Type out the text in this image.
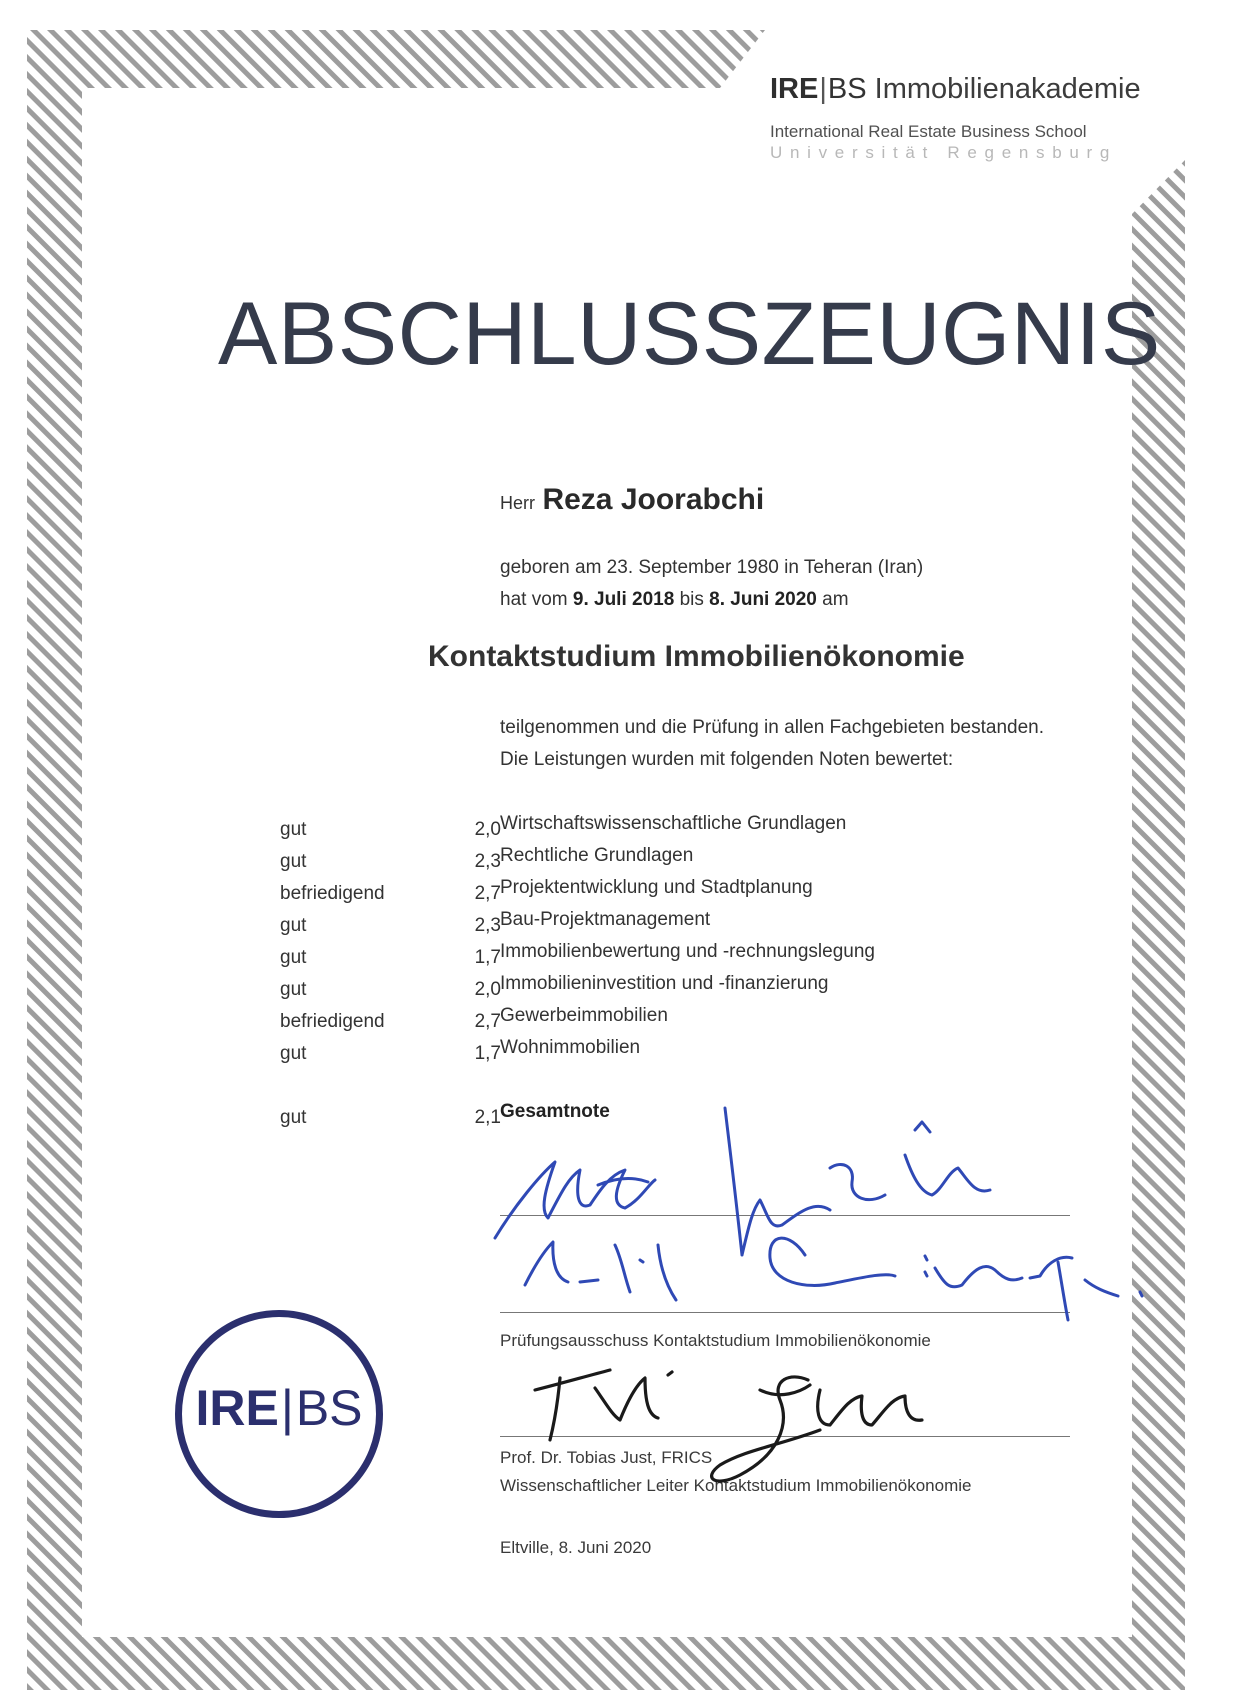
IRE|BS Immobilienakademie
International Real Estate Business School
Universität Regensburg
ABSCHLUSSZEUGNIS
Herr Reza Joorabchi
geboren am 23. September 1980 in Teheran (Iran)
hat vom 9. Juli 2018 bis 8. Juni 2020 am
Kontaktstudium Immobilienökonomie
teilgenommen und die Prüfung in allen Fachgebieten bestanden.
Die Leistungen wurden mit folgenden Noten bewertet:
gut	2,0 Wirtschaftswissenschaftliche Grundlagen
gut	2,3 Rechtliche Grundlagen
befriedigend	2,7 Projektentwicklung und Stadtplanung
gut	2,3 Bau-Projektmanagement
gut	1,7 Immobilienbewertung und -rechnungslegung
gut	2,0 Immobilieninvestition und -finanzierung
befriedigend	2,7 Gewerbeimmobilien
gut	1,7 Wohnimmobilien
gut	2,1 Gesamtnote
Prüfungsausschuss Kontaktstudium Immobilienökonomie
Prof. Dr. Tobias Just, FRICS
Wissenschaftlicher Leiter Kontaktstudium Immobilienökonomie
Eltville, 8. Juni 2020
IRE|BS
